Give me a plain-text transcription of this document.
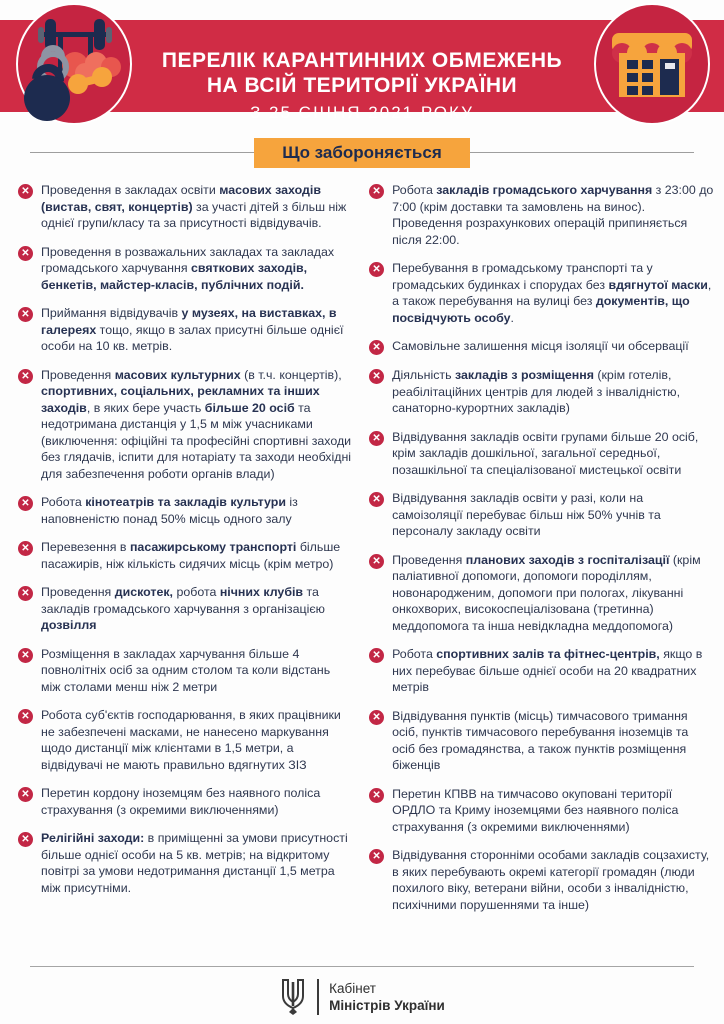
ПЕРЕЛІК КАРАНТИННИХ ОБМЕЖЕНЬ
НА ВСІЙ ТЕРИТОРІЇ УКРАЇНИ
З 25 СІЧНЯ 2021 РОКУ
Що забороняється
✕ Проведення в закладах освіти масових заходів (вистав, свят, концертів) за участі дітей з більш ніж однієї групи/класу та за присутності відвідувачів.

✕ Проведення в розважальних закладах та закладах громадського харчування святкових заходів, бенкетів, майстер-класів, публічних подій.

✕ Приймання відвідувачів у музеях, на виставках, в галереях тощо, якщо в залах присутні більше однієї особи на 10 кв. метрів.

✕ Проведення масових культурних (в т.ч. концертів), спортивних, соціальних, рекламних та інших заходів, в яких бере участь більше 20 осіб та недотримана дистанція у 1,5 м між учасниками (виключення: офіційні та професійні спортивні заходи без глядачів, іспити для нотаріату та заходи необхідні для забезпечення роботи органів влади)

✕ Робота кінотеатрів та закладів культури із наповненістю понад 50% місць одного залу

✕ Перевезення в пасажирському транспорті більше пасажирів, ніж кількість сидячих місць (крім метро)

✕ Проведення дискотек, робота нічних клубів та закладів громадського харчування з організацією дозвілля

✕ Розміщення в закладах харчування більше 4 повнолітніх осіб за одним столом та коли відстань між столами менш ніж 2 метри

✕ Робота суб'єктів господарювання, в яких працівники не забезпечені масками, не нанесено маркування щодо дистанції між клієнтами в 1,5 метри, а відвідувачі не мають правильно вдягнутих ЗІЗ

✕ Перетин кордону іноземцям без наявного поліса страхування (з окремими виключеннями)

✕ Релігійні заходи: в приміщенні за умови присутності більше однієї особи на 5 кв. метрів; на відкритому повітрі за умови недотримання дистанції 1,5 метра між присутніми.

✕ Робота закладів громадського харчування з 23:00 до 7:00 (крім доставки та замовлень на винос). Проведення розрахункових операцій припиняється після 22:00.

✕ Перебування в громадському транспорті та у громадських будинках і спорудах без вдягнутої маски, а також перебування на вулиці без документів, що посвідчують особу.

✕ Самовільне залишення місця ізоляції чи обсервації

✕ Діяльність закладів з розміщення (крім готелів, реабілітаційних центрів для людей з інвалідністю, санаторно-курортних закладів)

✕ Відвідування закладів освіти групами більше 20 осіб, крім закладів дошкільної, загальної середньої, позашкільної та спеціалізованої мистецької освіти

✕ Відвідування закладів освіти у разі, коли на самоізоляції перебуває більш ніж 50% учнів та персоналу закладу освіти

✕ Проведення планових заходів з госпіталізації (крім паліативної допомоги, допомоги породіллям, новонародженим, допомоги при пологах, лікуванні онкохворих, високоспеціалізована (третинна) меддопомога та інша невідкладна меддопомога)

✕ Робота спортивних залів та фітнес-центрів, якщо в них перебуває більше однієї особи на 20 квадратних метрів

✕ Відвідування пунктів (місць) тимчасового тримання осіб, пунктів тимчасового перебування іноземців та осіб без громадянства, а також пунктів розміщення біженців

✕ Перетин КПВВ на тимчасово окуповані території ОРДЛО та Криму іноземцями без наявного поліса страхування (з окремими виключеннями)

✕ Відвідування сторонніми особами закладів соцзахисту, в яких перебувають окремі категорії громадян (люди похилого віку, ветерани війни, особи з інвалідністю, психічними порушеннями та інше)

Кабінет
Міністрів України
